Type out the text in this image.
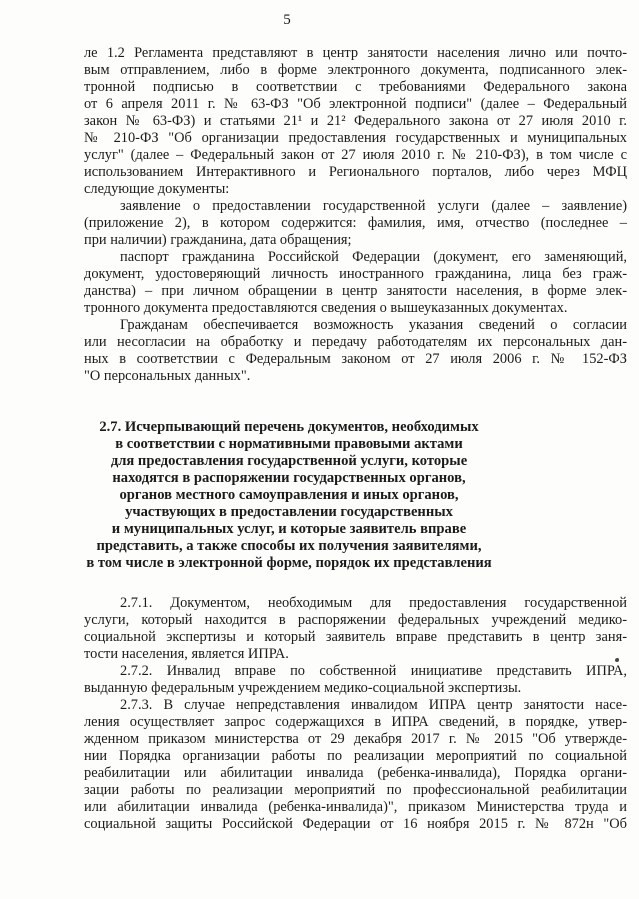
5
ле 1.2 Регламента представляют в центр занятости населения лично или почто-
вым отправлением, либо в форме электронного документа, подписанного элек-
тронной подписью в соответствии с требованиями Федерального закона
от 6 апреля 2011 г. № 63-ФЗ "Об электронной подписи" (далее – Федеральный
закон № 63-ФЗ) и статьями 21¹ и 21² Федерального закона от 27 июля 2010 г.
№ 210-ФЗ "Об организации предоставления государственных и муниципальных
услуг" (далее – Федеральный закон от 27 июля 2010 г. № 210-ФЗ), в том числе с
использованием Интерактивного и Регионального порталов, либо через МФЦ
следующие документы:
заявление о предоставлении государственной услуги (далее – заявление)
(приложение 2), в котором содержится: фамилия, имя, отчество (последнее –
при наличии) гражданина, дата обращения;
паспорт гражданина Российской Федерации (документ, его заменяющий,
документ, удостоверяющий личность иностранного гражданина, лица без граж-
данства) – при личном обращении в центр занятости населения, в форме элек-
тронного документа предоставляются сведения о вышеуказанных документах.
Гражданам обеспечивается возможность указания сведений о согласии
или несогласии на обработку и передачу работодателям их персональных дан-
ных в соответствии с Федеральным законом от 27 июля 2006 г. № 152-ФЗ
"О персональных данных".
2.7. Исчерпывающий перечень документов, необходимых
в соответствии с нормативными правовыми актами
для предоставления государственной услуги, которые
находятся в распоряжении государственных органов,
органов местного самоуправления и иных органов,
участвующих в предоставлении государственных
и муниципальных услуг, и которые заявитель вправе
представить, а также способы их получения заявителями,
в том числе в электронной форме, порядок их представления
2.7.1. Документом, необходимым для предоставления государственной
услуги, который находится в распоряжении федеральных учреждений медико-
социальной экспертизы и который заявитель вправе представить в центр заня-
тости населения, является ИПРА.
2.7.2. Инвалид вправе по собственной инициативе представить ИПРА,
выданную федеральным учреждением медико-социальной экспертизы.
2.7.3. В случае непредставления инвалидом ИПРА центр занятости насе-
ления осуществляет запрос содержащихся в ИПРА сведений, в порядке, утвер-
жденном приказом министерства от 29 декабря 2017 г. № 2015 "Об утвержде-
нии Порядка организации работы по реализации мероприятий по социальной
реабилитации или абилитации инвалида (ребенка-инвалида), Порядка органи-
зации работы по реализации мероприятий по профессиональной реабилитации
или абилитации инвалида (ребенка-инвалида)", приказом Министерства труда и
социальной защиты Российской Федерации от 16 ноября 2015 г. № 872н "Об
